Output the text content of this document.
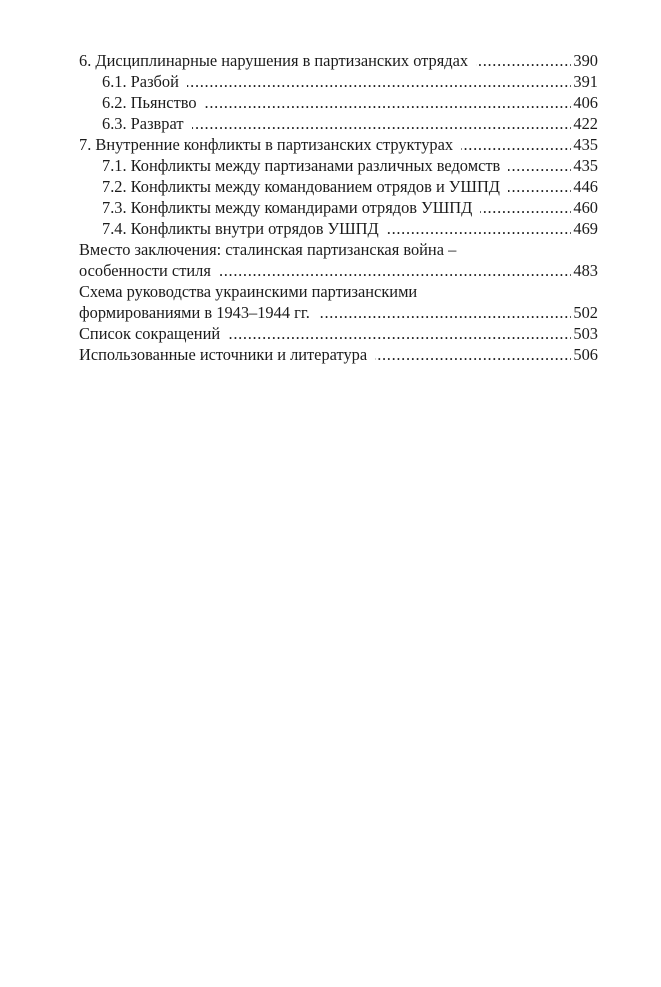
6. Дисциплинарные нарушения в партизанских отрядах . . .	390
6.1. Разбой . . .	391
6.2. Пьянство . . .	406
6.3. Разврат . . .	422
7. Внутренние конфликты в партизанских структурах . . .	435
7.1. Конфликты между партизанами различных ведомств . . .	435
7.2. Конфликты между командованием отрядов и УШПД . . .	446
7.3. Конфликты между командирами отрядов УШПД . . .	460
7.4. Конфликты внутри отрядов УШПД . . .	469
Вместо заключения: сталинская партизанская война –
особенности стиля . . .	483
Схема руководства украинскими партизанскими
формированиями в 1943–1944 гг. . . .	502
Список сокращений . . .	503
Использованные источники и литература . . .	506
